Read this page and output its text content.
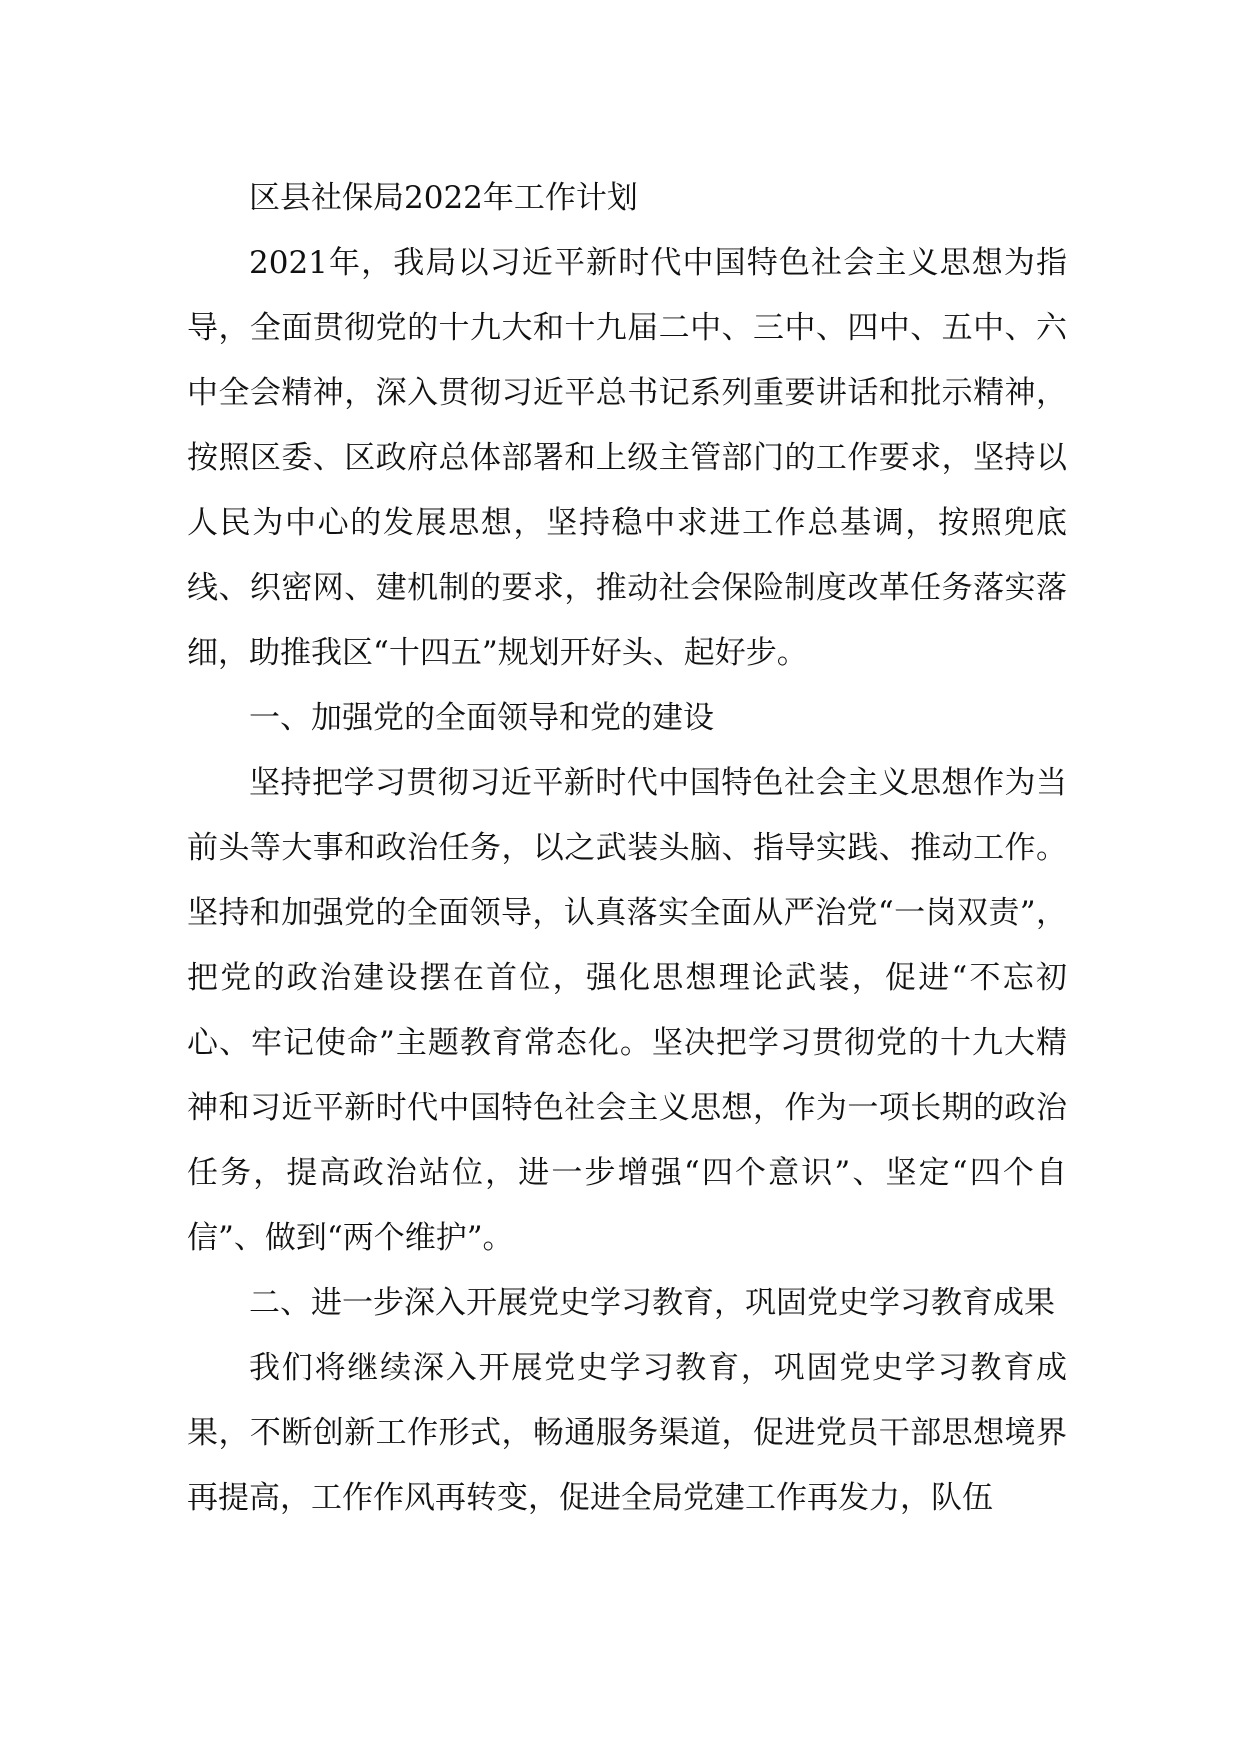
区县社保局2022年工作计划

2021年，我局以习近平新时代中国特色社会主义思想为指导，全面贯彻党的十九大和十九届二中、三中、四中、五中、六中全会精神，深入贯彻习近平总书记系列重要讲话和批示精神，按照区委、区政府总体部署和上级主管部门的工作要求，坚持以人民为中心的发展思想，坚持稳中求进工作总基调，按照兜底线、织密网、建机制的要求，推动社会保险制度改革任务落实落细，助推我区“十四五”规划开好头、起好步。

一、加强党的全面领导和党的建设

坚持把学习贯彻习近平新时代中国特色社会主义思想作为当前头等大事和政治任务，以之武装头脑、指导实践、推动工作。坚持和加强党的全面领导，认真落实全面从严治党“一岗双责”，把党的政治建设摆在首位，强化思想理论武装，促进“不忘初心、牢记使命”主题教育常态化。坚决把学习贯彻党的十九大精神和习近平新时代中国特色社会主义思想，作为一项长期的政治任务，提高政治站位，进一步增强“四个意识”、坚定“四个自信”、做到“两个维护”。

二、进一步深入开展党史学习教育，巩固党史学习教育成果

我们将继续深入开展党史学习教育，巩固党史学习教育成果，不断创新工作形式，畅通服务渠道，促进党员干部思想境界再提高，工作作风再转变，促进全局党建工作再发力，队伍
